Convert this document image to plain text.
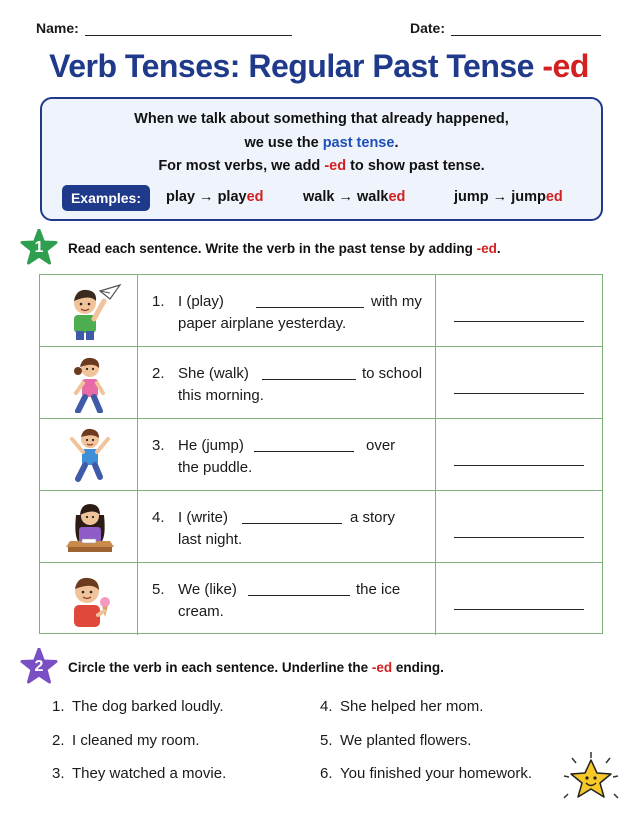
Name:	Date:
Verb Tenses: Regular Past Tense -ed
When we talk about something that already happened,
we use the past tense.
For most verbs, we add -ed to show past tense.
Examples:	play → played	walk → walked	jump → jumped
1	Read each sentence. Write the verb in the past tense by adding -ed.
1. I (play)	with my
paper airplane yesterday.
2. She (walk)	to school
this morning.
3. He (jump)	over
the puddle.
4. I (write)	a story
last night.
5. We (like)	the ice
cream.
2	Circle the verb in each sentence. Underline the -ed ending.
1. The dog barked loudly.
2. I cleaned my room.
3. They watched a movie.
4. She helped her mom.
5. We planted flowers.
6. You finished your homework.
